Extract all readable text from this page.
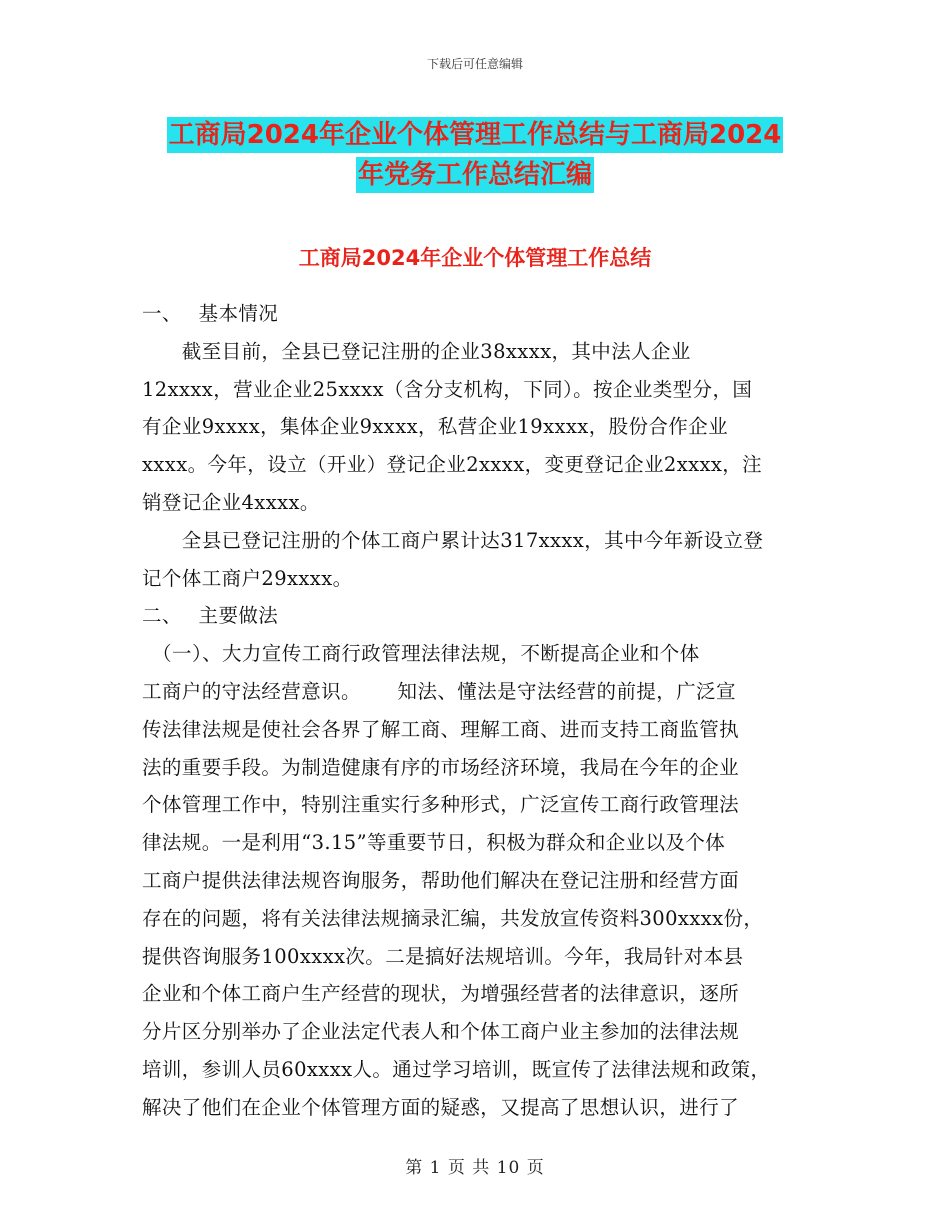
下载后可任意编辑
工商局2024年企业个体管理工作总结与工商局2024
年党务工作总结汇编
工商局2024年企业个体管理工作总结

一、　 基本情况

　　截至目前，全县已登记注册的企业38xxxx，其中法人企业

12xxxx，营业企业25xxxx（含分支机构，下同）。按企业类型分，国

有企业9xxxx，集体企业9xxxx，私营企业19xxxx，股份合作企业

xxxx。今年，设立（开业）登记企业2xxxx，变更登记企业2xxxx，注

销登记企业4xxxx。

　　全县已登记注册的个体工商户累计达317xxxx，其中今年新设立登

记个体工商户29xxxx。

二、　 主要做法

　（一）、大力宣传工商行政管理法律法规，不断提高企业和个体

工商户的守法经营意识。　　 知法、懂法是守法经营的前提，广泛宣

传法律法规是使社会各界了解工商、理解工商、进而支持工商监管执

法的重要手段。为制造健康有序的市场经济环境，我局在今年的企业

个体管理工作中，特别注重实行多种形式，广泛宣传工商行政管理法

律法规。一是利用“3.15”等重要节日，积极为群众和企业以及个体

工商户提供法律法规咨询服务，帮助他们解决在登记注册和经营方面

存在的问题，将有关法律法规摘录汇编，共发放宣传资料300xxxx份，

提供咨询服务100xxxx次。二是搞好法规培训。今年，我局针对本县

企业和个体工商户生产经营的现状，为增强经营者的法律意识，逐所

分片区分别举办了企业法定代表人和个体工商户业主参加的法律法规

培训，参训人员60xxxx人。通过学习培训，既宣传了法律法规和政策，

解决了他们在企业个体管理方面的疑惑，又提高了思想认识，进行了

第 1 页 共 10 页
